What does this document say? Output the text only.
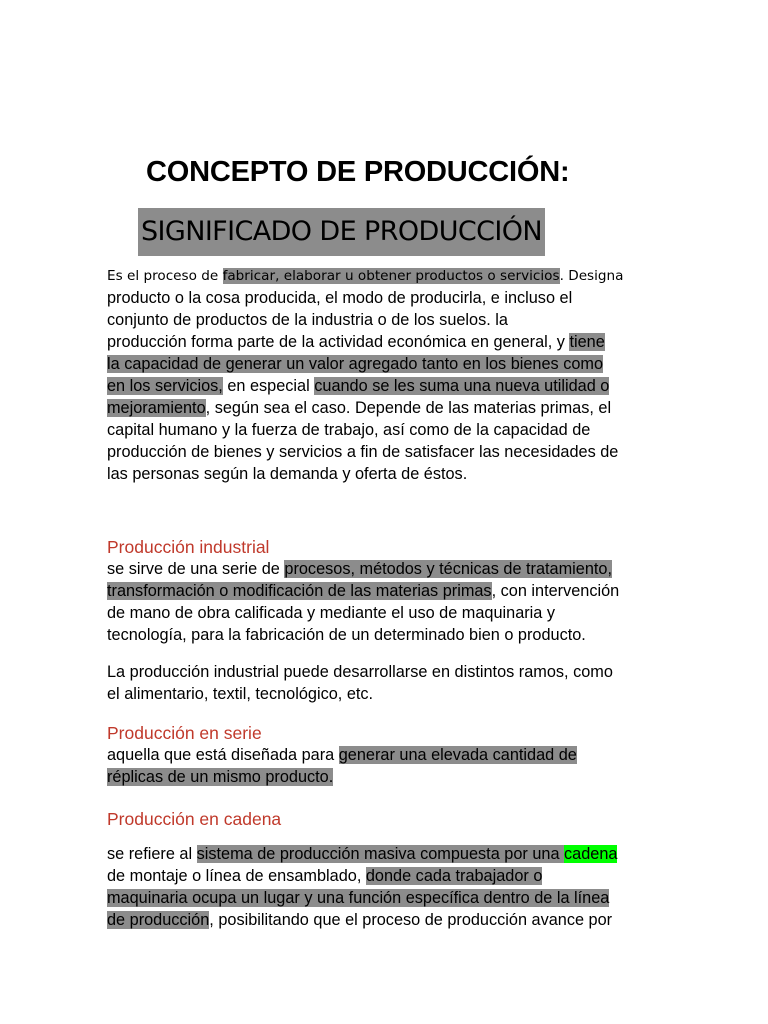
CONCEPTO DE PRODUCCIÓN:
SIGNIFICADO DE PRODUCCIÓN
Es el proceso de fabricar, elaborar u obtener productos o servicios. Designa
producto o la cosa producida, el modo de producirla, e incluso el
conjunto de productos de la industria o de los suelos. la
producción forma parte de la actividad económica en general, y tiene
la capacidad de generar un valor agregado tanto en los bienes como
en los servicios, en especial cuando se les suma una nueva utilidad o
mejoramiento, según sea el caso. Depende de las materias primas, el
capital humano y la fuerza de trabajo, así como de la capacidad de
producción de bienes y servicios a fin de satisfacer las necesidades de
las personas según la demanda y oferta de éstos.
Producción industrial
se sirve de una serie de procesos, métodos y técnicas de tratamiento,
transformación o modificación de las materias primas, con intervención
de mano de obra calificada y mediante el uso de maquinaria y
tecnología, para la fabricación de un determinado bien o producto.
La producción industrial puede desarrollarse en distintos ramos, como
el alimentario, textil, tecnológico, etc.
Producción en serie
aquella que está diseñada para generar una elevada cantidad de
réplicas de un mismo producto.
Producción en cadena
se refiere al sistema de producción masiva compuesta por una cadena
de montaje o línea de ensamblado, donde cada trabajador o
maquinaria ocupa un lugar y una función específica dentro de la línea
de producción, posibilitando que el proceso de producción avance por
